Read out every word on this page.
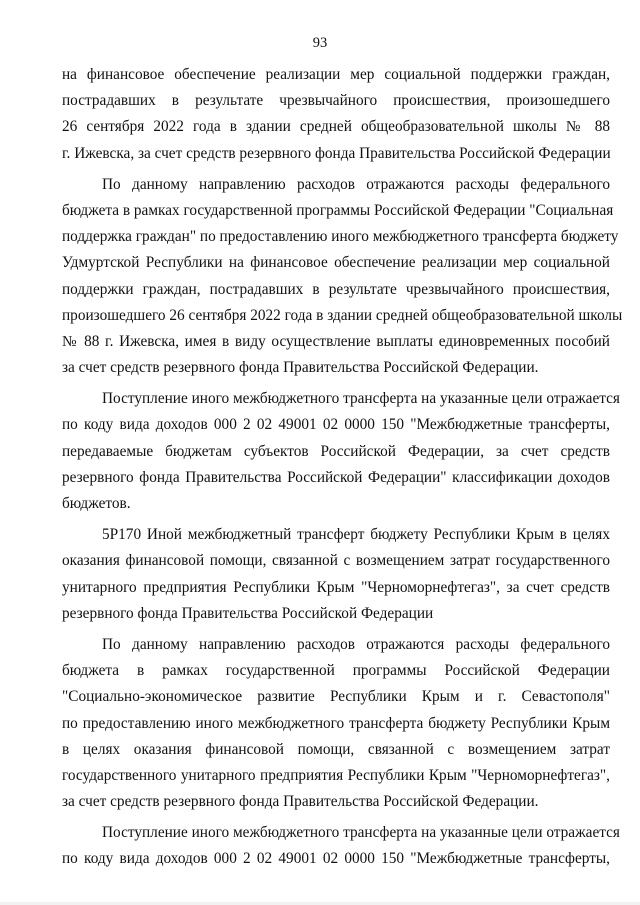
93
на финансовое обеспечение реализации мер социальной поддержки граждан,
пострадавших в результате чрезвычайного происшествия, произошедшего
26 сентября 2022 года в здании средней общеобразовательной школы № 88
г. Ижевска, за счет средств резервного фонда Правительства Российской Федерации
По данному направлению расходов отражаются расходы федерального
бюджета в рамках государственной программы Российской Федерации "Социальная
поддержка граждан" по предоставлению иного межбюджетного трансферта бюджету
Удмуртской Республики на финансовое обеспечение реализации мер социальной
поддержки граждан, пострадавших в результате чрезвычайного происшествия,
произошедшего 26 сентября 2022 года в здании средней общеобразовательной школы
№ 88 г. Ижевска, имея в виду осуществление выплаты единовременных пособий
за счет средств резервного фонда Правительства Российской Федерации.
Поступление иного межбюджетного трансферта на указанные цели отражается
по коду вида доходов 000 2 02 49001 02 0000 150 "Межбюджетные трансферты,
передаваемые бюджетам субъектов Российской Федерации, за счет средств
резервного фонда Правительства Российской Федерации" классификации доходов
бюджетов.
5Р170 Иной межбюджетный трансферт бюджету Республики Крым в целях
оказания финансовой помощи, связанной с возмещением затрат государственного
унитарного предприятия Республики Крым "Черноморнефтегаз", за счет средств
резервного фонда Правительства Российской Федерации
По данному направлению расходов отражаются расходы федерального
бюджета в рамках государственной программы Российской Федерации
"Социально-экономическое развитие Республики Крым и г. Севастополя"
по предоставлению иного межбюджетного трансферта бюджету Республики Крым
в целях оказания финансовой помощи, связанной с возмещением затрат
государственного унитарного предприятия Республики Крым "Черноморнефтегаз",
за счет средств резервного фонда Правительства Российской Федерации.
Поступление иного межбюджетного трансферта на указанные цели отражается
по коду вида доходов 000 2 02 49001 02 0000 150 "Межбюджетные трансферты,
